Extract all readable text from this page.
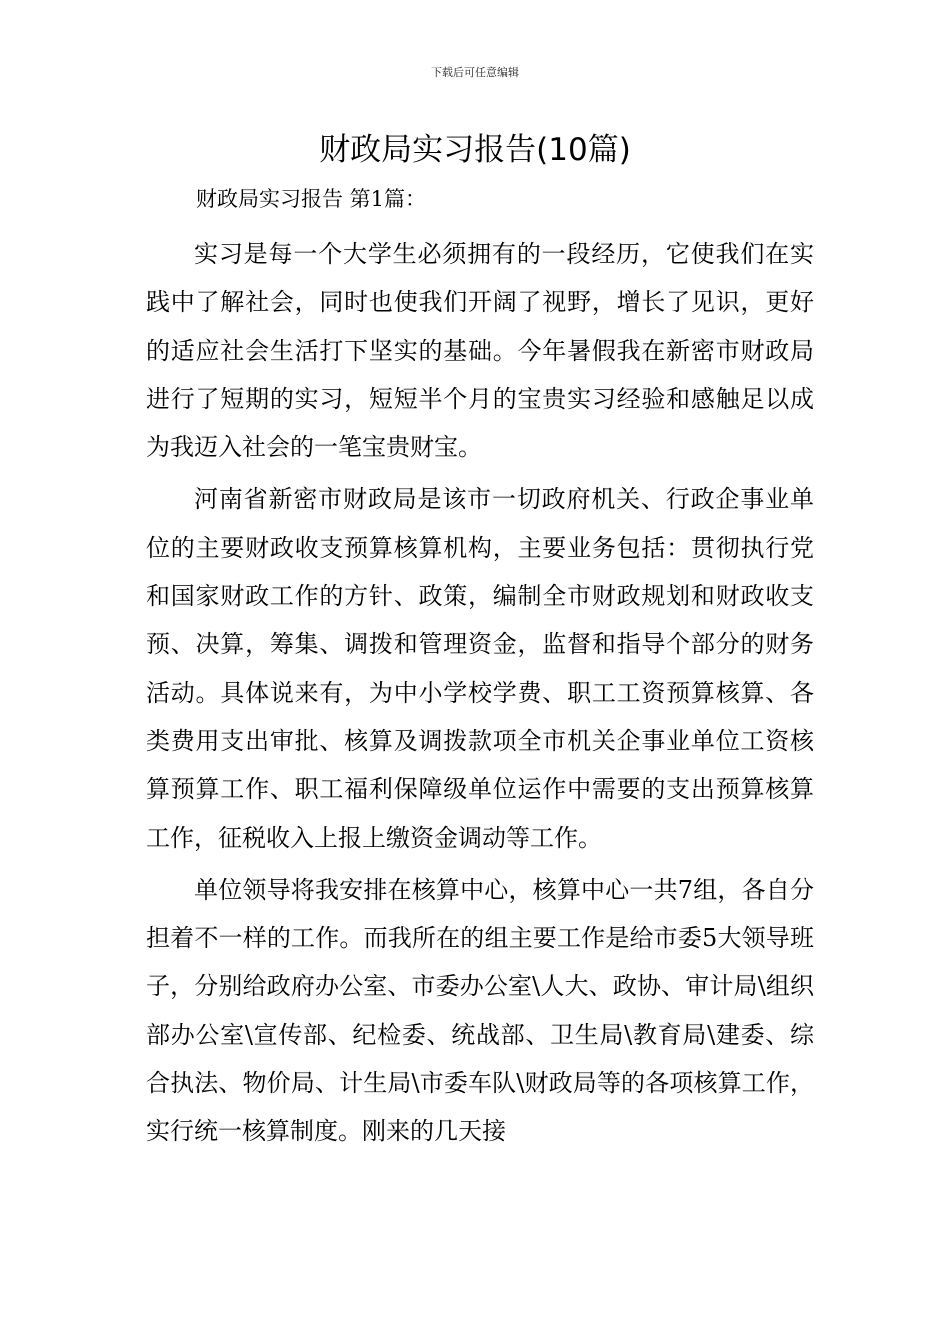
下载后可任意编辑
财政局实习报告(10篇)
财政局实习报告 第1篇：

实习是每一个大学生必须拥有的一段经历，它使我们在实践中了解社会，同时也使我们开阔了视野，增长了见识，更好的适应社会生活打下坚实的基础。今年暑假我在新密市财政局进行了短期的实习，短短半个月的宝贵实习经验和感触足以成为我迈入社会的一笔宝贵财宝。

河南省新密市财政局是该市一切政府机关、行政企事业单位的主要财政收支预算核算机构，主要业务包括：贯彻执行党和国家财政工作的方针、政策，编制全市财政规划和财政收支预、决算，筹集、调拨和管理资金，监督和指导个部分的财务活动。具体说来有，为中小学校学费、职工工资预算核算、各类费用支出审批、核算及调拨款项全市机关企事业单位工资核算预算工作、职工福利保障级单位运作中需要的支出预算核算工作，征税收入上报上缴资金调动等工作。

单位领导将我安排在核算中心，核算中心一共7组，各自分担着不一样的工作。而我所在的组主要工作是给市委5大领导班子，分别给政府办公室、市委办公室\人大、政协、审计局\组织部办公室\宣传部、纪检委、统战部、卫生局\教育局\建委、综合执法、物价局、计生局\市委车队\财政局等的各项核算工作，实行统一核算制度。刚来的几天接
